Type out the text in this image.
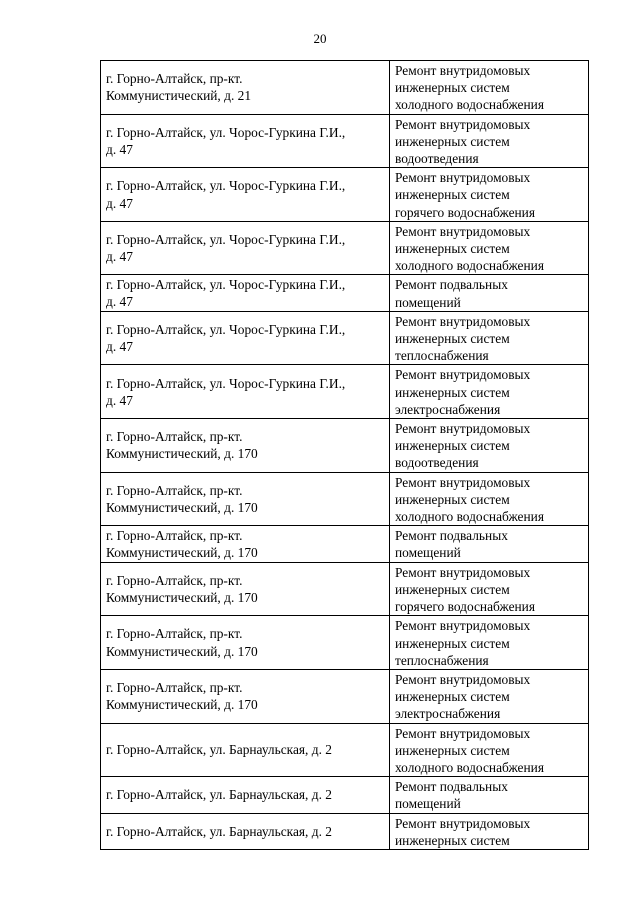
20
г. Горно-Алтайск, пр-кт.
Коммунистический, д. 21	Ремонт внутридомовых
инженерных систем
холодного водоснабжения

г. Горно-Алтайск, ул. Чорос-Гуркина Г.И.,
д. 47	Ремонт внутридомовых
инженерных систем
водоотведения

г. Горно-Алтайск, ул. Чорос-Гуркина Г.И.,
д. 47	Ремонт внутридомовых
инженерных систем
горячего водоснабжения

г. Горно-Алтайск, ул. Чорос-Гуркина Г.И.,
д. 47	Ремонт внутридомовых
инженерных систем
холодного водоснабжения

г. Горно-Алтайск, ул. Чорос-Гуркина Г.И.,
д. 47	Ремонт подвальных
помещений

г. Горно-Алтайск, ул. Чорос-Гуркина Г.И.,
д. 47	Ремонт внутридомовых
инженерных систем
теплоснабжения

г. Горно-Алтайск, ул. Чорос-Гуркина Г.И.,
д. 47	Ремонт внутридомовых
инженерных систем
электроснабжения

г. Горно-Алтайск, пр-кт.
Коммунистический, д. 170	Ремонт внутридомовых
инженерных систем
водоотведения

г. Горно-Алтайск, пр-кт.
Коммунистический, д. 170	Ремонт внутридомовых
инженерных систем
холодного водоснабжения

г. Горно-Алтайск, пр-кт.
Коммунистический, д. 170	Ремонт подвальных
помещений

г. Горно-Алтайск, пр-кт.
Коммунистический, д. 170	Ремонт внутридомовых
инженерных систем
горячего водоснабжения

г. Горно-Алтайск, пр-кт.
Коммунистический, д. 170	Ремонт внутридомовых
инженерных систем
теплоснабжения

г. Горно-Алтайск, пр-кт.
Коммунистический, д. 170	Ремонт внутридомовых
инженерных систем
электроснабжения

г. Горно-Алтайск, ул. Барнаульская, д. 2	Ремонт внутридомовых
инженерных систем
холодного водоснабжения

г. Горно-Алтайск, ул. Барнаульская, д. 2	Ремонт подвальных
помещений

г. Горно-Алтайск, ул. Барнаульская, д. 2	Ремонт внутридомовых
инженерных систем
